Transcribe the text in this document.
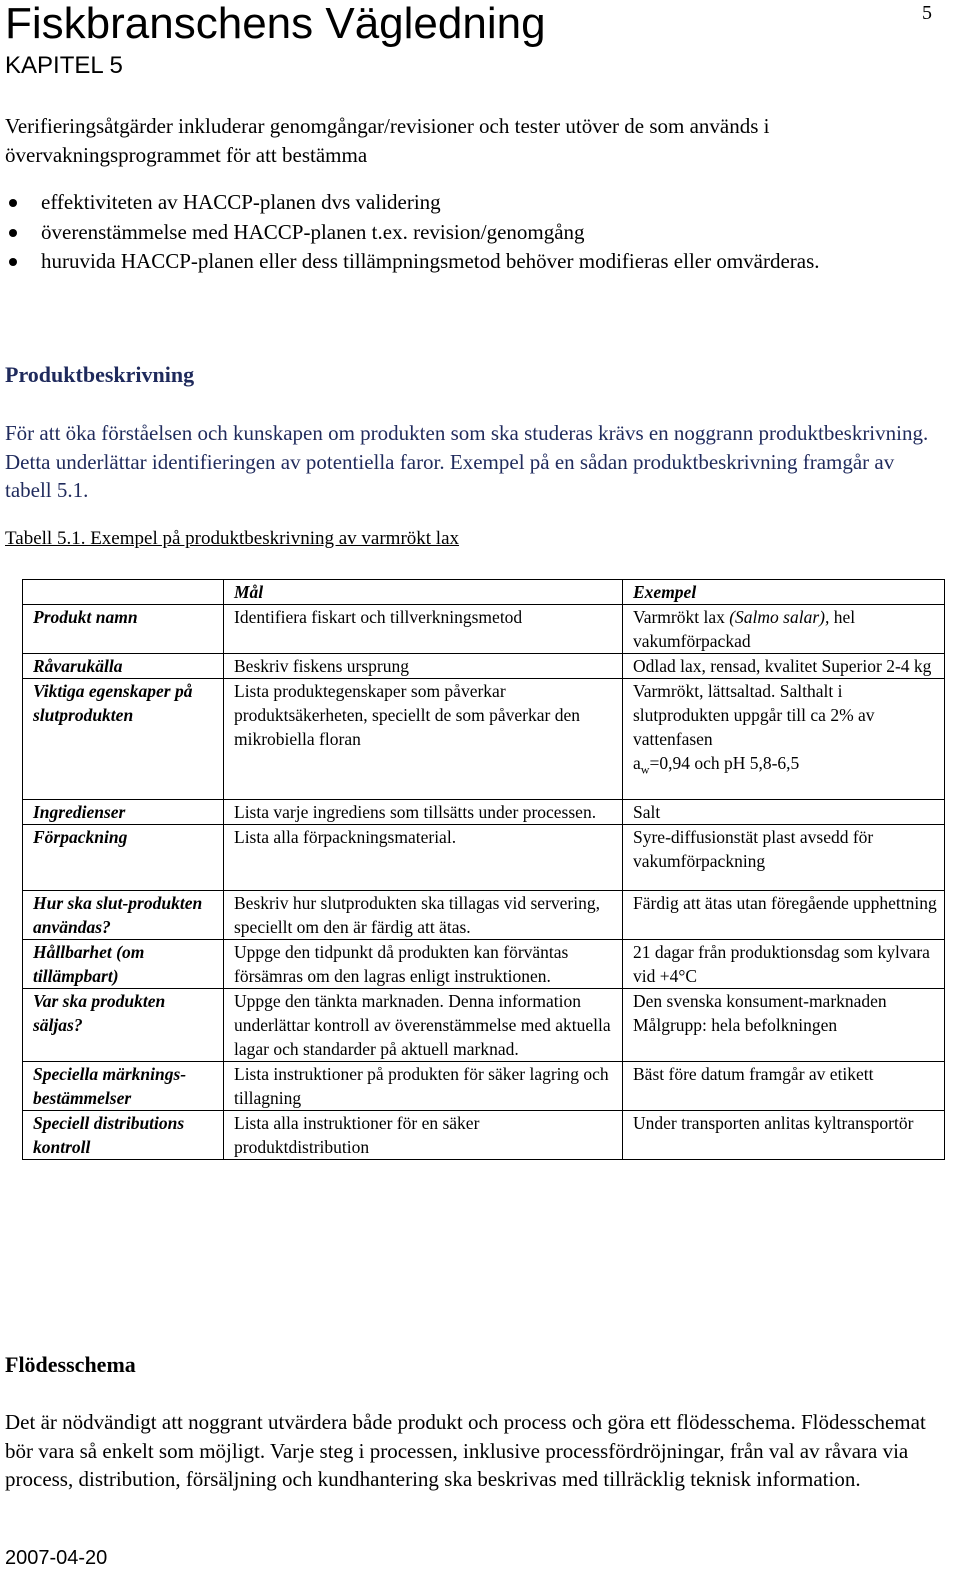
Fiskbranschens Vägledning	5
KAPITEL 5
Verifieringsåtgärder inkluderar genomgångar/revisioner och tester utöver de som används i övervakningsprogrammet för att bestämma
effektiviteten av HACCP-planen dvs validering
överenstämmelse med HACCP-planen t.ex. revision/genomgång
huruvida HACCP-planen eller dess tillämpningsmetod behöver modifieras eller omvärderas.
Produktbeskrivning
För att öka förståelsen och kunskapen om produkten som ska studeras krävs en noggrann produktbeskrivning. Detta underlättar identifieringen av potentiella faror. Exempel på en sådan produktbeskrivning framgår av tabell 5.1.
Tabell 5.1. Exempel på produktbeskrivning av varmrökt lax
	Mål	Exempel
Produkt namn	Identifiera fiskart och tillverkningsmetod	Varmrökt lax (Salmo salar), hel vakumförpackad
Råvarukälla	Beskriv fiskens ursprung	Odlad lax, rensad, kvalitet Superior 2-4 kg
Viktiga egenskaper på slutprodukten	Lista produktegenskaper som påverkar produktsäkerheten, speciellt de som påverkar den mikrobiella floran	Varmrökt, lättsaltad. Salthalt i slutprodukten uppgår till ca 2% av vattenfasen
$a_w=0,94$ och pH 5,8-6,5
Ingredienser	Lista varje ingrediens som tillsätts under processen.	Salt
Förpackning	Lista alla förpackningsmaterial.	Syre-diffusionstät plast avsedd för vakumförpackning
Hur ska slut-produkten användas?	Beskriv hur slutprodukten ska tillagas vid servering, speciellt om den är färdig att ätas.	Färdig att ätas utan föregående upphettning
Hållbarhet (om tillämpbart)	Uppge den tidpunkt då produkten kan förväntas försämras om den lagras enligt instruktionen.	21 dagar från produktionsdag som kylvara vid +4°C
Var ska produkten säljas?	Uppge den tänkta marknaden. Denna information underlättar kontroll av överenstämmelse med aktuella lagar och standarder på aktuell marknad.	Den svenska konsument-marknaden
Målgrupp: hela befolkningen
Speciella märknings-bestämmelser	Lista instruktioner på produkten för säker lagring och tillagning	Bäst före datum framgår av etikett
Speciell distributions kontroll	Lista alla instruktioner för en säker produktdistribution	Under transporten anlitas kyltransportör
Flödesschema
Det är nödvändigt att noggrant utvärdera både produkt och process och göra ett flödesschema. Flödesschemat bör vara så enkelt som möjligt. Varje steg i processen, inklusive processfördröjningar, från val av råvara via process, distribution, försäljning och kundhantering ska beskrivas med tillräcklig teknisk information.
2007-04-20
